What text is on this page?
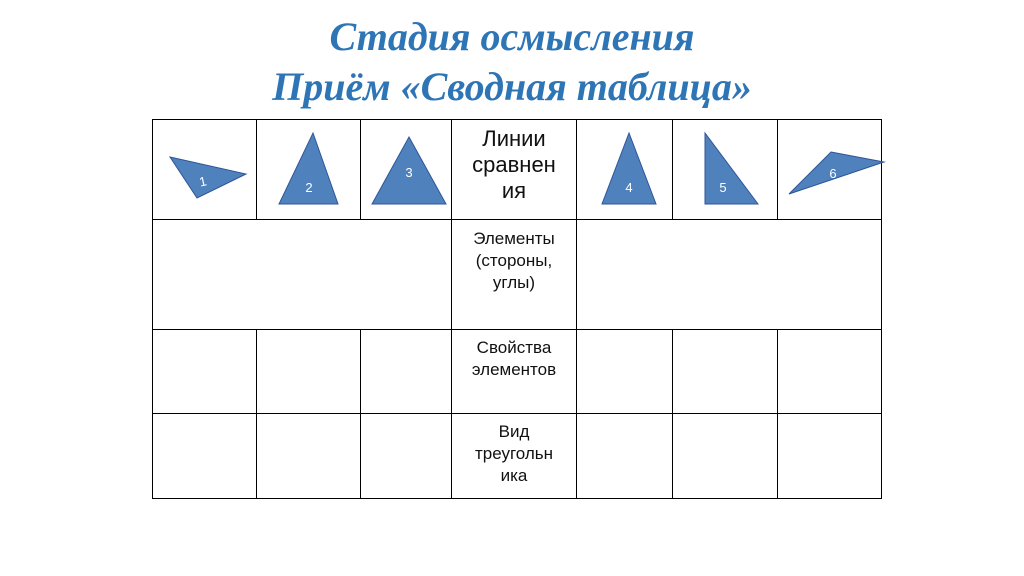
Стадия осмысления
Приём «Сводная таблица»
Линии
сравнен
ия
Элементы
(стороны,
углы)
Свойства
элементов
Вид
треугольн
ика
1	2
3
4	5
6
